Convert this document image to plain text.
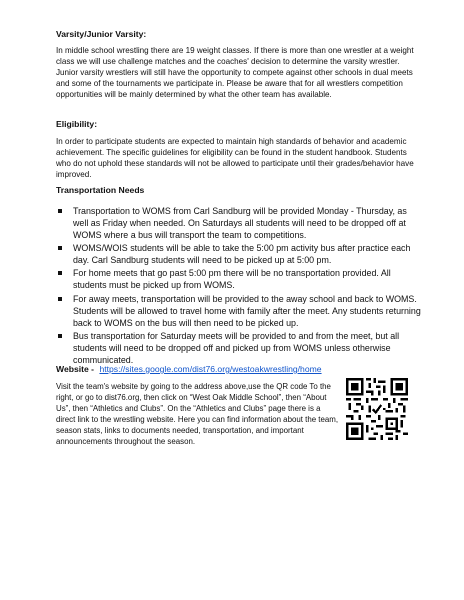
Varsity/Junior Varsity:

In middle school wrestling there are 19 weight classes. If there is more than one wrestler at a weight class we will use challenge matches and the coaches' decision to determine the varsity wrestler. Junior varsity wrestlers will still have the opportunity to compete against other schools in dual meets and some of the tournaments we participate in. Please be aware that for all wrestlers competition opportunities will be mainly determined by what the other team has available.

Eligibility:

In order to participate students are expected to maintain high standards of behavior and academic achievement. The specific guidelines for eligibility can be found in the student handbook. Students who do not uphold these standards will not be allowed to participate until their grades/behavior have improved.

Transportation Needs

Transportation to WOMS from Carl Sandburg will be provided Monday - Thursday, as well as Friday when needed. On Saturdays all students will need to be dropped off at WOMS where a bus will transport the team to competitions.
WOMS/WOIS students will be able to take the 5:00 pm activity bus after practice each day. Carl Sandburg students will need to be picked up at 5:00 pm.
For home meets that go past 5:00 pm there will be no transportation provided. All students must be picked up from WOMS.
For away meets, transportation will be provided to the away school and back to WOMS. Students will be allowed to travel home with family after the meet. Any students returning back to WOMS on the bus will then need to be picked up.
Bus transportation for Saturday meets will be provided to and from the meet, but all students will need to be dropped off and picked up from WOMS unless otherwise communicated.
Website - https://sites.google.com/dist76.org/westoakwrestling/home

Visit the team's website by going to the address above,use the QR code To the right, or go to dist76.org, then click on “West Oak Middle School”, then “About Us”, then “Athletics and Clubs”. On the “Athletics and Clubs” page there is a direct link to the wrestling website. Here you can find information about the team, season stats, links to documents needed, transportation, and important announcements throughout the season.
